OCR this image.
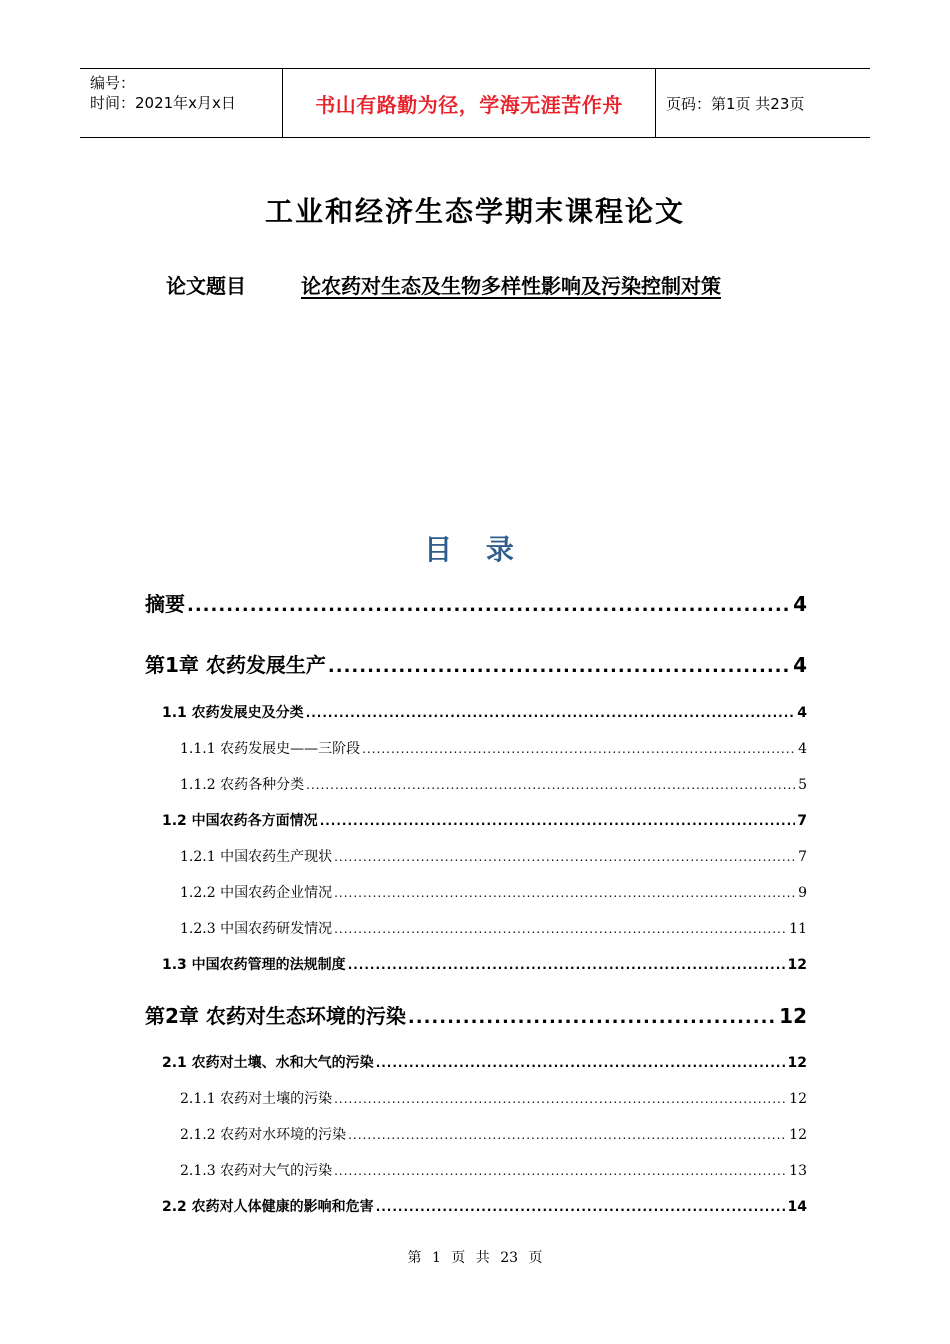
编号：
时间：2021年x月x日	书山有路勤为径，学海无涯苦作舟	页码：第1页 共23页
工业和经济生态学期末课程论文
论文题目	论农药对生态及生物多样性影响及污染控制对策
目 录
摘要 .....	4
第1章 农药发展生产 .....	4
1.1 农药发展史及分类 .....	4
1.1.1 农药发展史——三阶段 .....	4
1.1.2 农药各种分类 .....	5
1.2 中国农药各方面情况 .....	7
1.2.1 中国农药生产现状 .....	7
1.2.2 中国农药企业情况 .....	9
1.2.3 中国农药研发情况 .....	11
1.3 中国农药管理的法规制度 .....	12
第2章 农药对生态环境的污染 .....	12
2.1 农药对土壤、水和大气的污染 .....	12
2.1.1 农药对土壤的污染 .....	12
2.1.2 农药对水环境的污染 .....	12
2.1.3 农药对大气的污染 .....	13
2.2 农药对人体健康的影响和危害 .....	14
第 1 页 共 23 页
